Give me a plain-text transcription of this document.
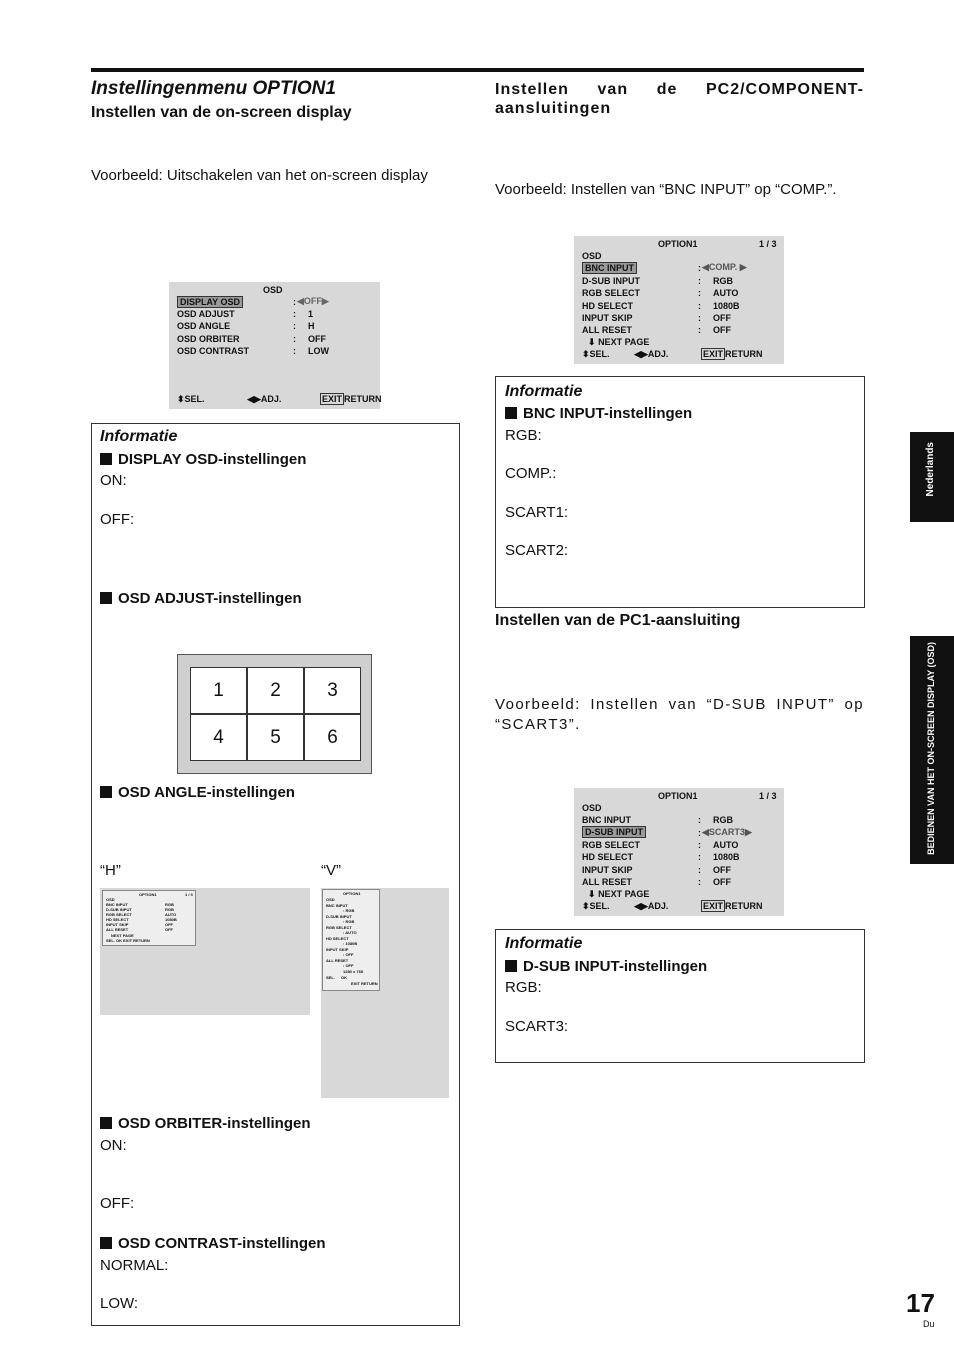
Instellingenmenu OPTION1
Instellen van de on-screen display
Voorbeeld: Uitschakelen van het on-screen display
OSD
DISPLAY OSD	: ◀OFF▶
OSD ADJUST	: 1
OSD ANGLE	: H
OSD ORBITER	: OFF
OSD CONTRAST	: LOW
⬍SEL.	◀▶ADJ.	EXIT RETURN
Informatie
DISPLAY OSD-instellingen
ON:
OFF:
OSD ADJUST-instellingen
1	2	3
4	5	6
OSD ANGLE-instellingen
“H”	“V”
OPTION1	1 / 3
OSD
BNC INPUT	RGB
D-SUB INPUT	RGB
RGB SELECT	AUTO
HD SELECT	1080B
INPUT SKIP	OFF
ALL RESET	OFF
NEXT PAGE
SEL. OK EXIT RETURN
OPTION1
OSD
BNC INPUT
: RGB
D-SUB INPUT
: RGB
RGB SELECT
: AUTO
HD SELECT
: 1080B
INPUT SKIP
: OFF
ALL RESET
: OFF
1280 x 768
SEL. OK
EXIT RETURN
OSD ORBITER-instellingen
ON:
OFF:
OSD CONTRAST-instellingen
NORMAL:
LOW:
Instellen van de PC2/COMPONENT-aansluitingen
Voorbeeld: Instellen van “BNC INPUT” op “COMP.”.
OPTION1	1 / 3
OSD
BNC INPUT	: ◀COMP. ▶
D-SUB INPUT	: RGB
RGB SELECT	: AUTO
HD SELECT	: 1080B
INPUT SKIP	: OFF
ALL RESET	: OFF
⬇ NEXT PAGE
⬍SEL.	◀▶ADJ.	EXIT RETURN
Informatie
BNC INPUT-instellingen
RGB:
COMP.:
SCART1:
SCART2:
Instellen van de PC1-aansluiting
Voorbeeld: Instellen van “D-SUB INPUT” op “SCART3”.
OPTION1	1 / 3
OSD
BNC INPUT	: RGB
D-SUB INPUT	: ◀SCART3▶
RGB SELECT	: AUTO
HD SELECT	: 1080B
INPUT SKIP	: OFF
ALL RESET	: OFF
⬇ NEXT PAGE
⬍SEL.	◀▶ADJ.	EXIT RETURN
Informatie
D-SUB INPUT-instellingen
RGB:
SCART3:
Nederlands
BEDIENEN VAN HET ON-SCREEN DISPLAY (OSD)
17
Du
